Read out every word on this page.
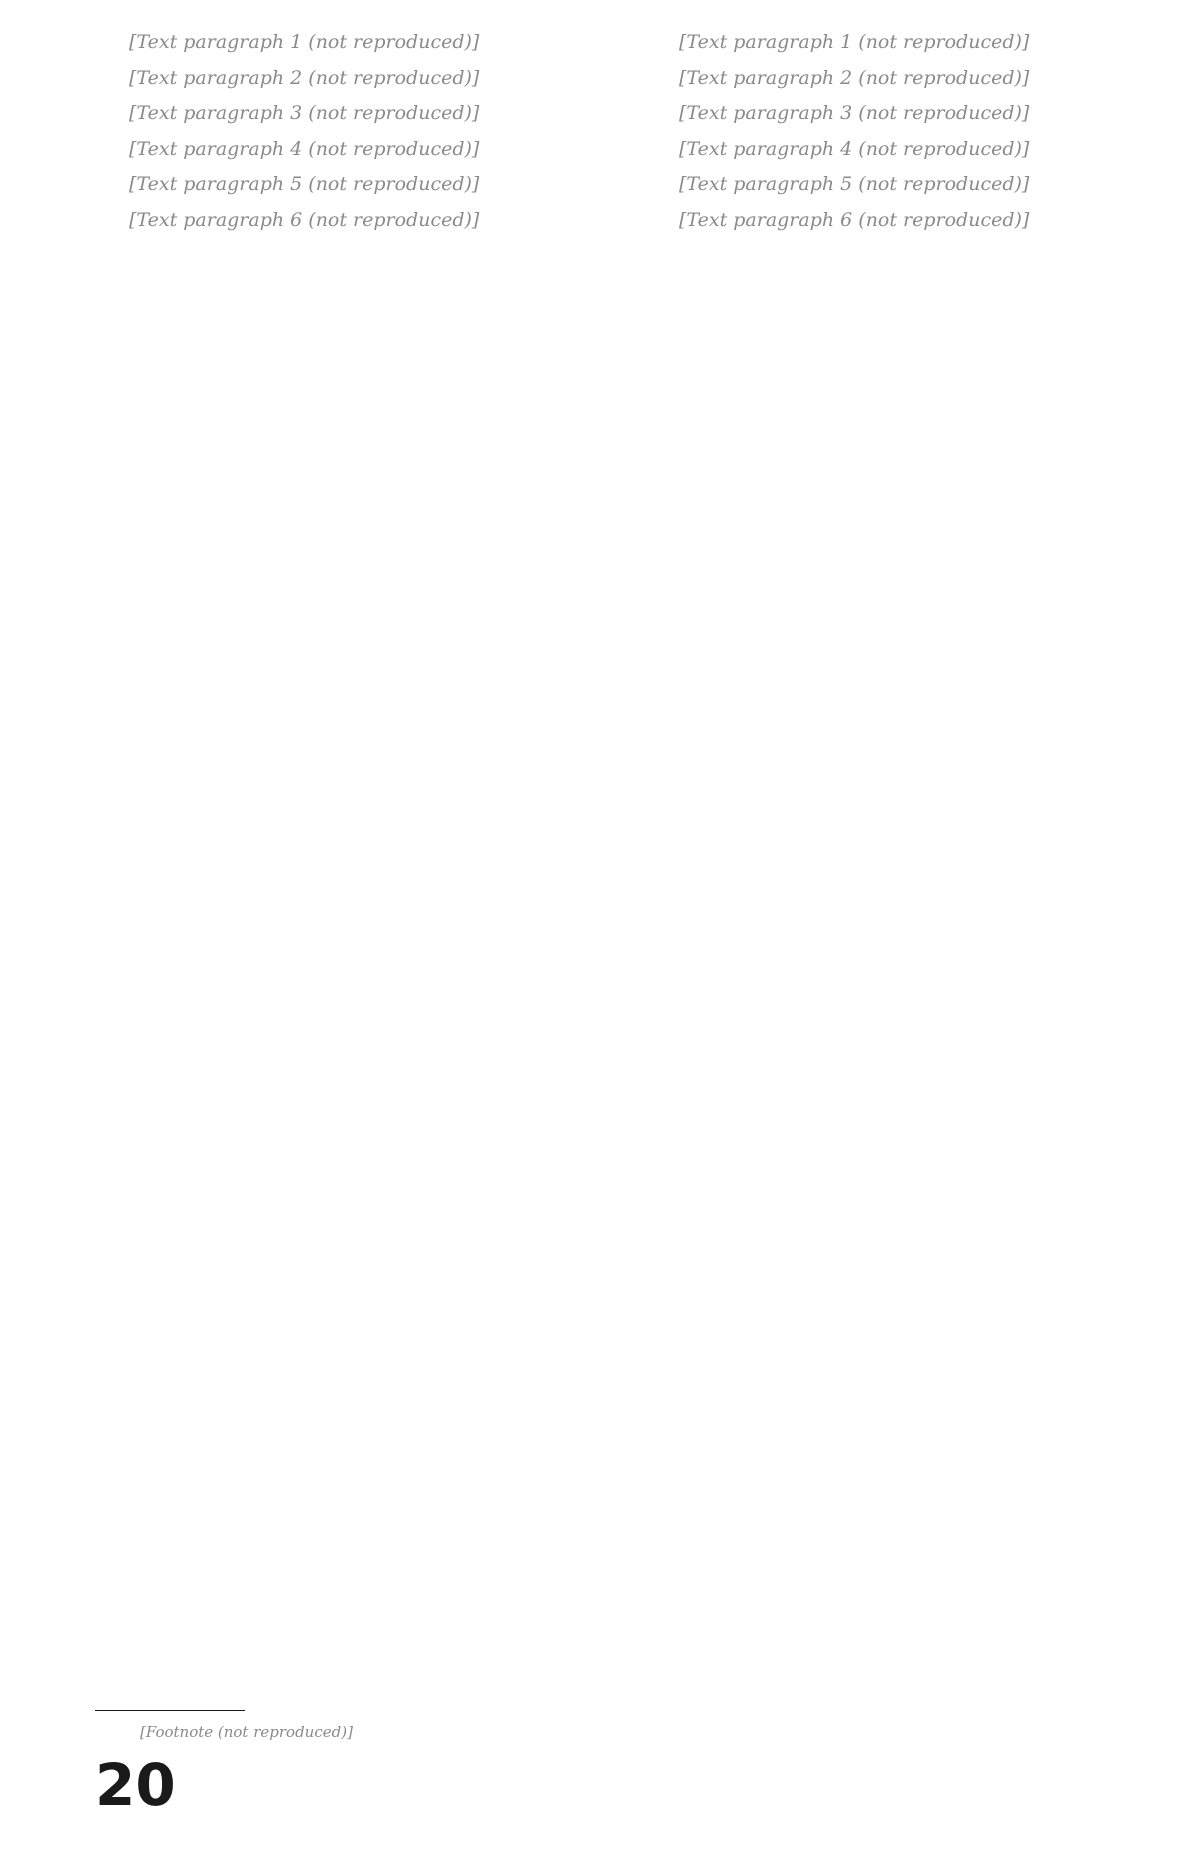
[Text paragraph 1 (not reproduced)]

[Text paragraph 2 (not reproduced)]

[Text paragraph 3 (not reproduced)]

[Text paragraph 4 (not reproduced)]

[Text paragraph 5 (not reproduced)]

[Text paragraph 6 (not reproduced)]

[Text paragraph 1 (not reproduced)]

[Text paragraph 2 (not reproduced)]

[Text paragraph 3 (not reproduced)]

[Text paragraph 4 (not reproduced)]

[Text paragraph 5 (not reproduced)]

[Text paragraph 6 (not reproduced)]

[Footnote (not reproduced)]
20
